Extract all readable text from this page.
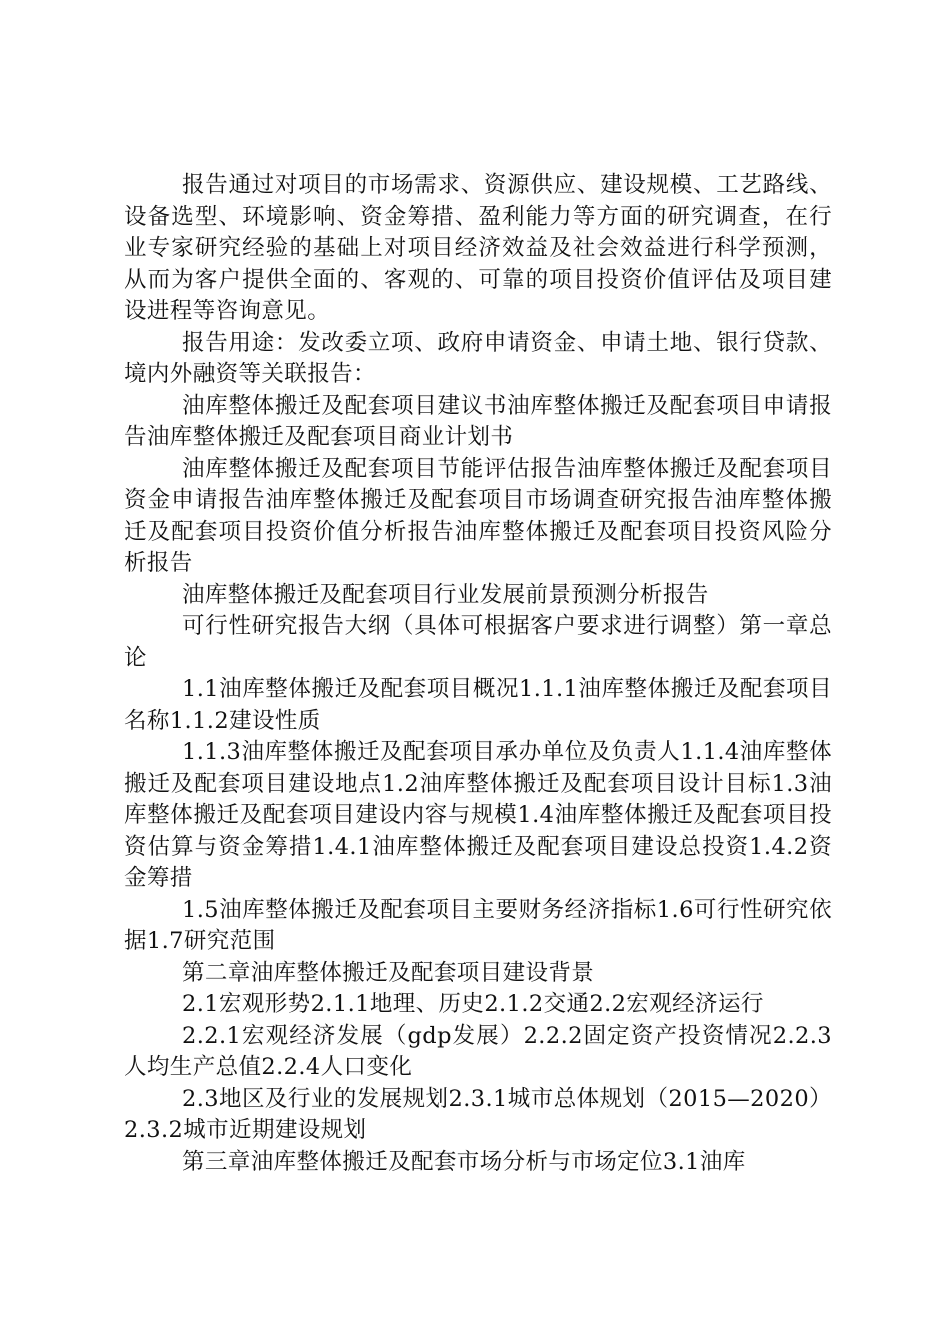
报告通过对项目的市场需求、资源供应、建设规模、工艺路线、设备选型、环境影响、资金筹措、盈利能力等方面的研究调查，在行业专家研究经验的基础上对项目经济效益及社会效益进行科学预测，从而为客户提供全面的、客观的、可靠的项目投资价值评估及项目建设进程等咨询意见。

报告用途：发改委立项、政府申请资金、申请土地、银行贷款、境内外融资等关联报告：

油库整体搬迁及配套项目建议书油库整体搬迁及配套项目申请报告油库整体搬迁及配套项目商业计划书

油库整体搬迁及配套项目节能评估报告油库整体搬迁及配套项目资金申请报告油库整体搬迁及配套项目市场调查研究报告油库整体搬迁及配套项目投资价值分析报告油库整体搬迁及配套项目投资风险分析报告

油库整体搬迁及配套项目行业发展前景预测分析报告

可行性研究报告大纲（具体可根据客户要求进行调整）第一章总论

1.1油库整体搬迁及配套项目概况1.1.1油库整体搬迁及配套项目名称1.1.2建设性质

1.1.3油库整体搬迁及配套项目承办单位及负责人1.1.4油库整体搬迁及配套项目建设地点1.2油库整体搬迁及配套项目设计目标1.3油库整体搬迁及配套项目建设内容与规模1.4油库整体搬迁及配套项目投资估算与资金筹措1.4.1油库整体搬迁及配套项目建设总投资1.4.2资金筹措

1.5油库整体搬迁及配套项目主要财务经济指标1.6可行性研究依据1.7研究范围

第二章油库整体搬迁及配套项目建设背景

2.1宏观形势2.1.1地理、历史2.1.2交通2.2宏观经济运行

2.2.1宏观经济发展（gdp发展）2.2.2固定资产投资情况2.2.3人均生产总值2.2.4人口变化

2.3地区及行业的发展规划2.3.1城市总体规划（2015—2020）2.3.2城市近期建设规划

第三章油库整体搬迁及配套市场分析与市场定位3.1油库
